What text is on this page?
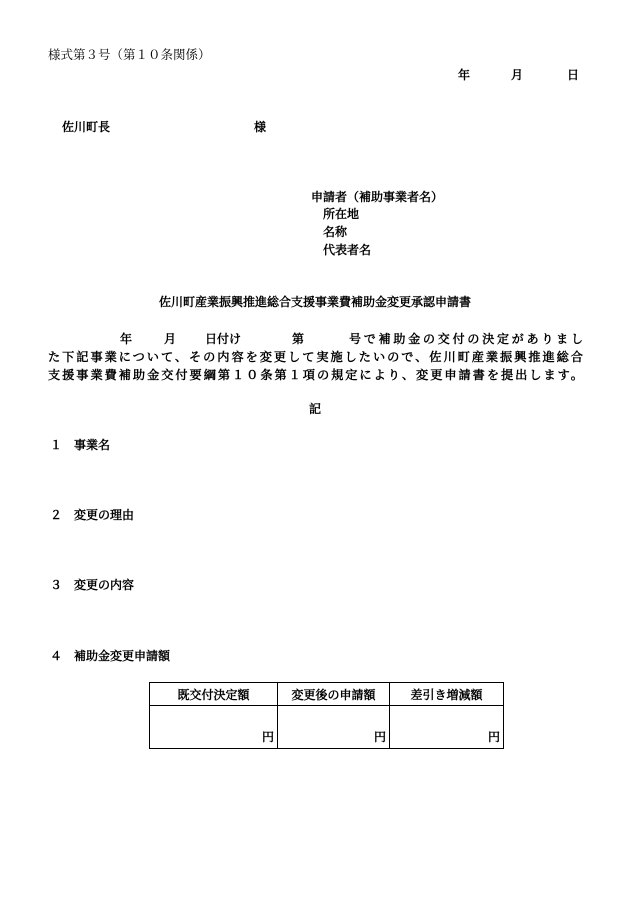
様式第３号（第１０条関係）
年	月	日
佐川町長	様
申請者（補助事業者名）
所在地
名称
代表者名
佐川町産業振興推進総合支援事業費補助金変更承認申請書
年	月 日付け	第	号で補助金の交付の決定がありまし
た下記事業について、その内容を変更して実施したいので、佐川町産業振興推進総合
支援事業費補助金交付要綱第１０条第１項の規定により、変更申請書を提出します。
記
１ 事業名
２ 変更の理由
３ 変更の内容
４ 補助金変更申請額
既交付決定額	変更後の申請額	差引き増減額
円	円	円
